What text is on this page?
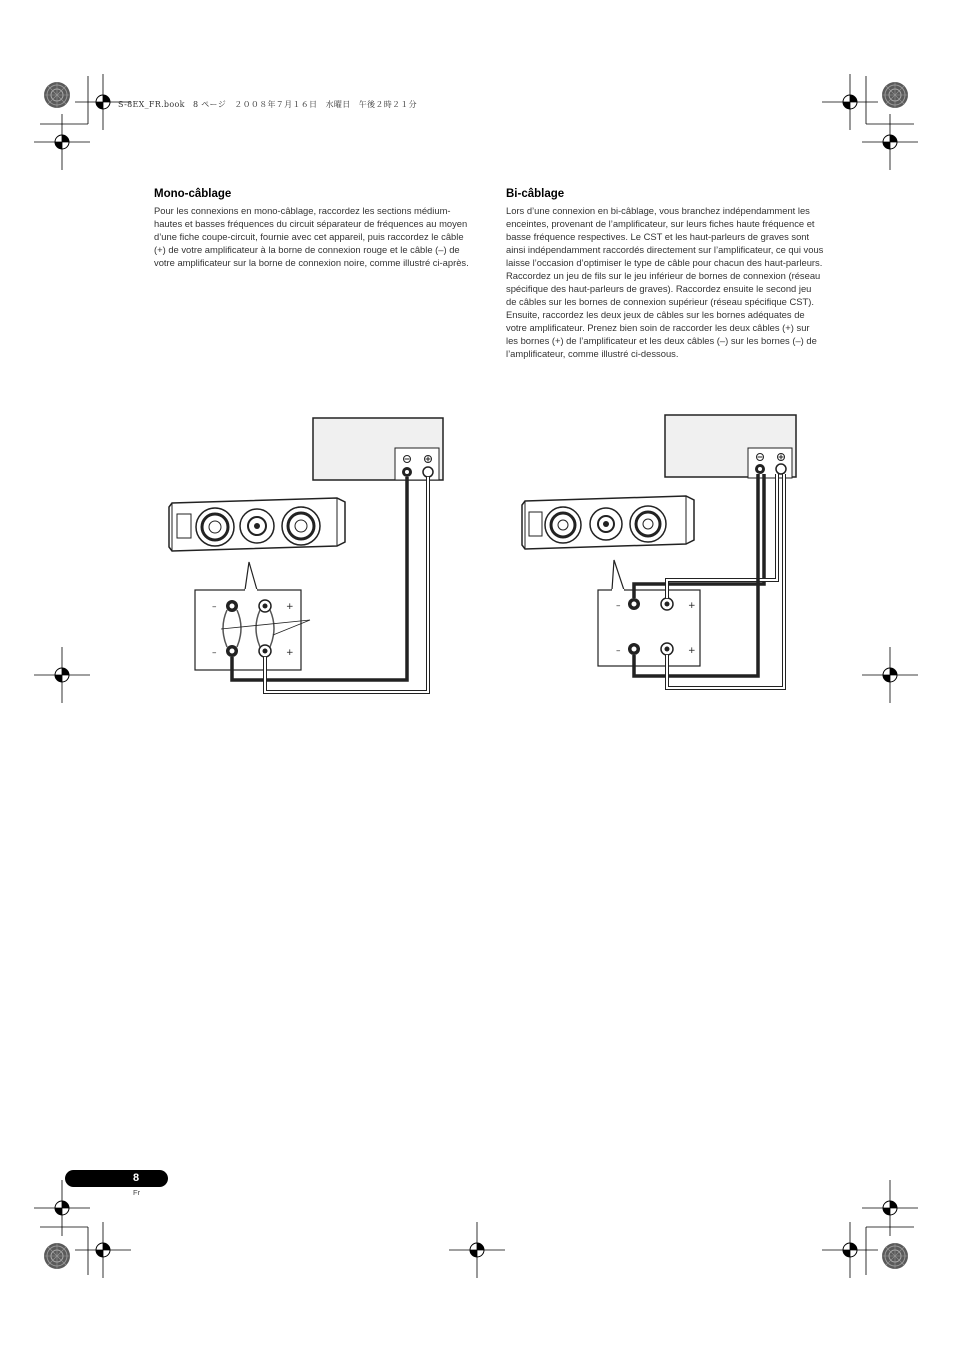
S-8EX_FR.book　8 ページ　２００８年７月１６日　水曜日　午後２時２１分
Mono-câblage

Pour les connexions en mono-câblage, raccordez les sections médium-hautes et basses fréquences du circuit séparateur de fréquences au moyen d’une fiche coupe-circuit, fournie avec cet appareil, puis raccordez le câble (+) de votre amplificateur à la borne de connexion rouge et le câble (–) de votre amplificateur sur la borne de connexion noire, comme illustré ci-après.

Bi-câblage

Lors d’une connexion en bi-câblage, vous branchez indépendamment les enceintes, provenant de l’amplificateur, sur leurs fiches haute fréquence et basse fréquence respectives. Le CST et les haut-parleurs de graves sont ainsi indépendamment raccordés directement sur l’amplificateur, ce qui vous laisse l’occasion d’optimiser le type de câble pour chacun des haut-parleurs. Raccordez un jeu de fils sur le jeu inférieur de bornes de connexion (réseau spécifique des haut-parleurs de graves). Raccordez ensuite le second jeu de câbles sur les bornes de connexion supérieur (réseau spécifique CST). Ensuite, raccordez les deux jeux de câbles sur les bornes adéquates de votre amplificateur. Prenez bien soin de raccorder les deux câbles (+) sur les bornes (+) de l’amplificateur et les deux câbles (–) sur les bornes (–) de l’amplificateur, comme illustré ci-dessous.

–	+
–	+
–	+
–	+
8
Fr
